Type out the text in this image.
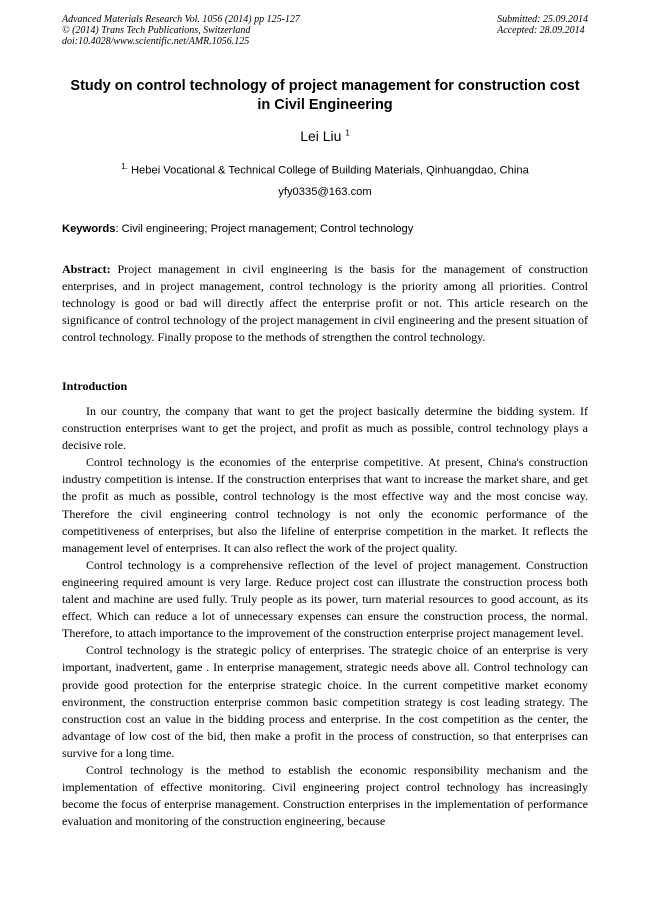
Advanced Materials Research Vol. 1056 (2014) pp 125-127
© (2014) Trans Tech Publications, Switzerland
doi:10.4028/www.scientific.net/AMR.1056.125
Submitted: 25.09.2014
Accepted: 28.09.2014
Study on control technology of project management for construction cost in Civil Engineering
Lei Liu $^1$
$^{1.}$ Hebei Vocational & Technical College of Building Materials, Qinhuangdao, China
yfy0335@163.com
Keywords: Civil engineering; Project management; Control technology
Abstract: Project management in civil engineering is the basis for the management of construction enterprises, and in project management, control technology is the priority among all priorities. Control technology is good or bad will directly affect the enterprise profit or not. This article research on the significance of control technology of the project management in civil engineering and the present situation of control technology. Finally propose to the methods of strengthen the control technology.
Introduction

In our country, the company that want to get the project basically determine the bidding system. If construction enterprises want to get the project, and profit as much as possible, control technology plays a decisive role.

Control technology is the economies of the enterprise competitive. At present, China's construction industry competition is intense. If the construction enterprises that want to increase the market share, and get the profit as much as possible, control technology is the most effective way and the most concise way. Therefore the civil engineering control technology is not only the economic performance of the competitiveness of enterprises, but also the lifeline of enterprise competition in the market. It reflects the management level of enterprises. It can also reflect the work of the project quality.

Control technology is a comprehensive reflection of the level of project management. Construction engineering required amount is very large. Reduce project cost can illustrate the construction process both talent and machine are used fully. Truly people as its power, turn material resources to good account, as its effect. Which can reduce a lot of unnecessary expenses can ensure the construction process, the normal. Therefore, to attach importance to the improvement of the construction enterprise project management level.

Control technology is the strategic policy of enterprises. The strategic choice of an enterprise is very important, inadvertent, game . In enterprise management, strategic needs above all. Control technology can provide good protection for the enterprise strategic choice. In the current competitive market economy environment, the construction enterprise common basic competition strategy is cost leading strategy. The construction cost an value in the bidding process and enterprise. In the cost competition as the center, the advantage of low cost of the bid, then make a profit in the process of construction, so that enterprises can survive for a long time.

Control technology is the method to establish the economic responsibility mechanism and the implementation of effective monitoring. Civil engineering project control technology has increasingly become the focus of enterprise management. Construction enterprises in the implementation of performance evaluation and monitoring of the construction engineering, because
